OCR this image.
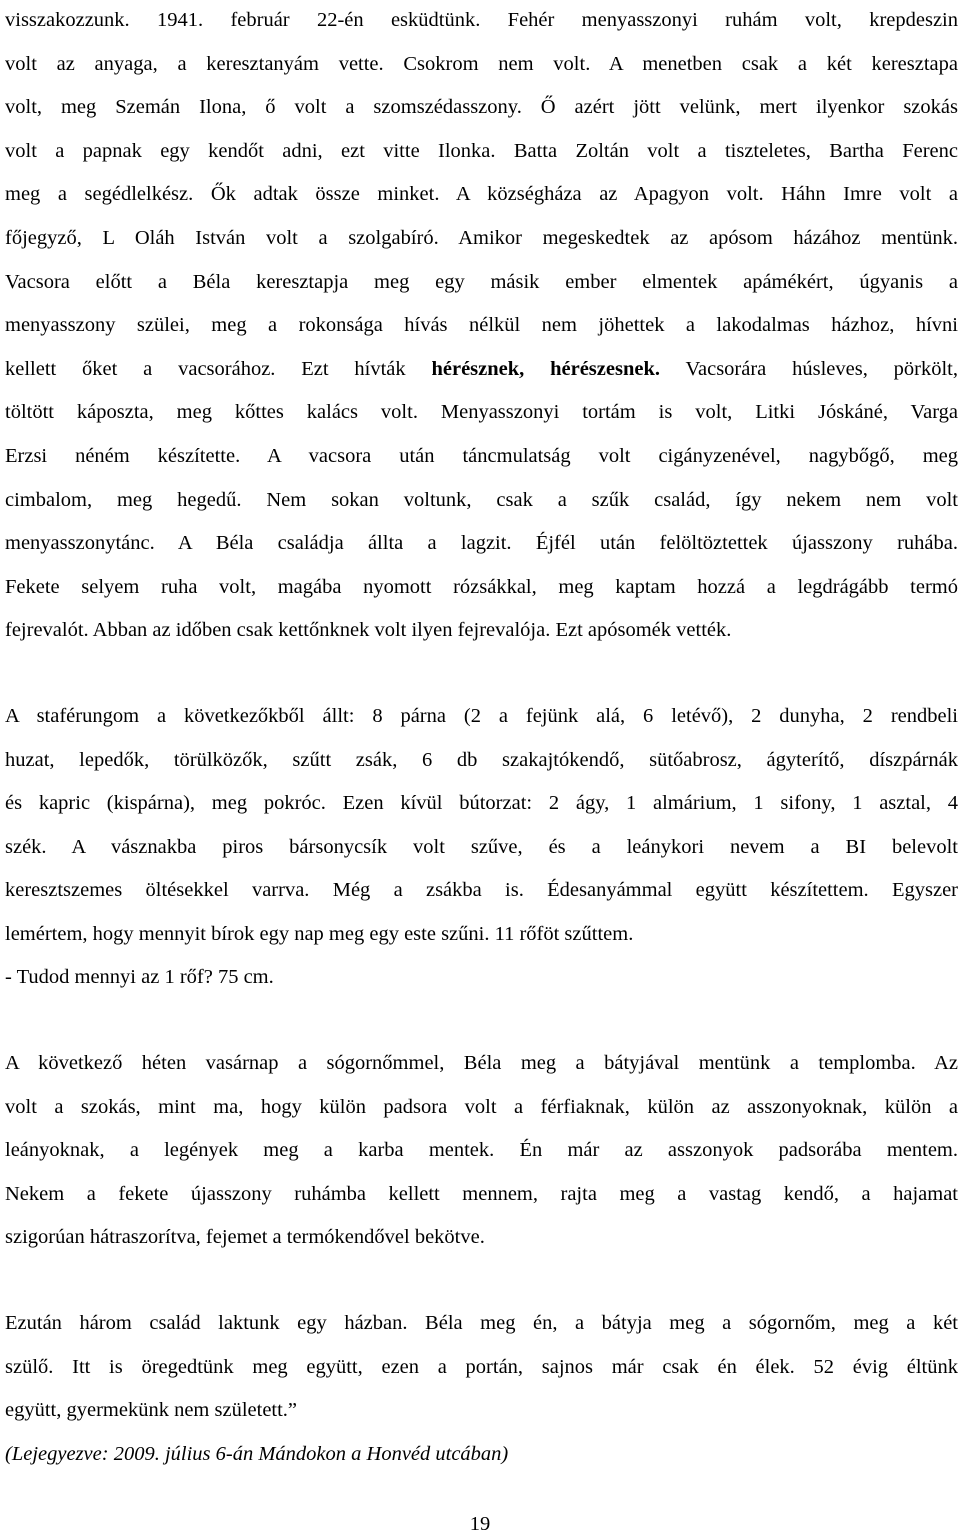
visszakozzunk. 1941. február 22-én esküdtünk. Fehér menyasszonyi ruhám volt, krepdeszin
volt az anyaga, a keresztanyám vette. Csokrom nem volt. A menetben csak a két keresztapa
volt, meg Szemán Ilona, ő volt a szomszédasszony. Ő azért jött velünk, mert ilyenkor szokás
volt a papnak egy kendőt adni, ezt vitte Ilonka. Batta Zoltán volt a tiszteletes, Bartha Ferenc
meg a segédlelkész. Ők adtak össze minket. A községháza az Apagyon volt. Háhn Imre volt a
főjegyző, L Oláh István volt a szolgabíró. Amikor megeskedtek az apósom házához mentünk.
Vacsora előtt a Béla keresztapja meg egy másik ember elmentek apámékért, úgyanis a
menyasszony szülei, meg a rokonsága hívás nélkül nem jöhettek a lakodalmas házhoz, hívni
kellett őket a vacsorához. Ezt hívták hérésznek, hérészesnek. Vacsorára húsleves, pörkölt,
töltött káposzta, meg kőttes kalács volt. Menyasszonyi tortám is volt, Litki Jóskáné, Varga
Erzsi néném készítette. A vacsora után táncmulatság volt cigányzenével, nagybőgő, meg
cimbalom, meg hegedű. Nem sokan voltunk, csak a szűk család, így nekem nem volt
menyasszonytánc. A Béla családja állta a lagzit. Éjfél után felöltöztettek újasszony ruhába.
Fekete selyem ruha volt, magába nyomott rózsákkal, meg kaptam hozzá a legdrágább termó
fejrevalót. Abban az időben csak kettőnknek volt ilyen fejrevalója. Ezt apósomék vették.
A staférungom a következőkből állt: 8 párna (2 a fejünk alá, 6 letévő), 2 dunyha, 2 rendbeli
huzat, lepedők, törülközők, szűtt zsák, 6 db szakajtókendő, sütőabrosz, ágyterítő, díszpárnák
és kapric (kispárna), meg pokróc. Ezen kívül bútorzat: 2 ágy, 1 almárium, 1 sifony, 1 asztal, 4
szék. A vásznakba piros bársonycsík volt szűve, és a leánykori nevem a BI belevolt
keresztszemes öltésekkel varrva. Még a zsákba is. Édesanyámmal együtt készítettem. Egyszer
lemértem, hogy mennyit bírok egy nap meg egy este szűni. 11 rőföt szűttem.
- Tudod mennyi az 1 rőf? 75 cm.
A következő héten vasárnap a sógornőmmel, Béla meg a bátyjával mentünk a templomba. Az
volt a szokás, mint ma, hogy külön padsora volt a férfiaknak, külön az asszonyoknak, külön a
leányoknak, a legények meg a karba mentek. Én már az asszonyok padsorába mentem.
Nekem a fekete újasszony ruhámba kellett mennem, rajta meg a vastag kendő, a hajamat
szigorúan hátraszorítva, fejemet a termókendővel bekötve.
Ezután három család laktunk egy házban. Béla meg én, a bátyja meg a sógornőm, meg a két
szülő. Itt is öregedtünk meg együtt, ezen a portán, sajnos már csak én élek. 52 évig éltünk
együtt, gyermekünk nem született.”
(Lejegyezve: 2009. július 6-án Mándokon a Honvéd utcában)
19
